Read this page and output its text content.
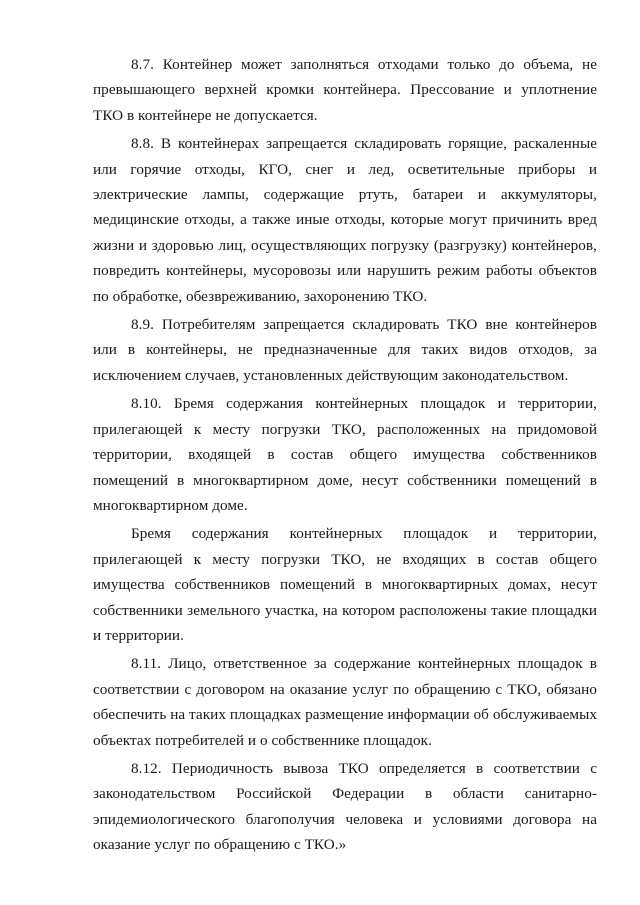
8.7. Контейнер может заполняться отходами только до объема, не превышающего верхней кромки контейнера. Прессование и уплотнение ТКО в контейнере не допускается.

8.8. В контейнерах запрещается складировать горящие, раскаленные или горячие отходы, КГО, снег и лед, осветительные приборы и электрические лампы, содержащие ртуть, батареи и аккумуляторы, медицинские отходы, а также иные отходы, которые могут причинить вред жизни и здоровью лиц, осуществляющих погрузку (разгрузку) контейнеров, повредить контейнеры, мусоровозы или нарушить режим работы объектов по обработке, обезвреживанию, захоронению ТКО.

8.9. Потребителям запрещается складировать ТКО вне контейнеров или в контейнеры, не предназначенные для таких видов отходов, за исключением случаев, установленных действующим законодательством.

8.10. Бремя содержания контейнерных площадок и территории, прилегающей к месту погрузки ТКО, расположенных на придомовой территории, входящей в состав общего имущества собственников помещений в многоквартирном доме, несут собственники помещений в многоквартирном доме.

Бремя содержания контейнерных площадок и территории, прилегающей к месту погрузки ТКО, не входящих в состав общего имущества собственников помещений в многоквартирных домах, несут собственники земельного участка, на котором расположены такие площадки и территории.

8.11. Лицо, ответственное за содержание контейнерных площадок в соответствии с договором на оказание услуг по обращению с ТКО, обязано обеспечить на таких площадках размещение информации об обслуживаемых объектах потребителей и о собственнике площадок.

8.12. Периодичность вывоза ТКО определяется в соответствии с законодательством Российской Федерации в области санитарно-эпидемиологического благополучия человека и условиями договора на оказание услуг по обращению с ТКО.»
